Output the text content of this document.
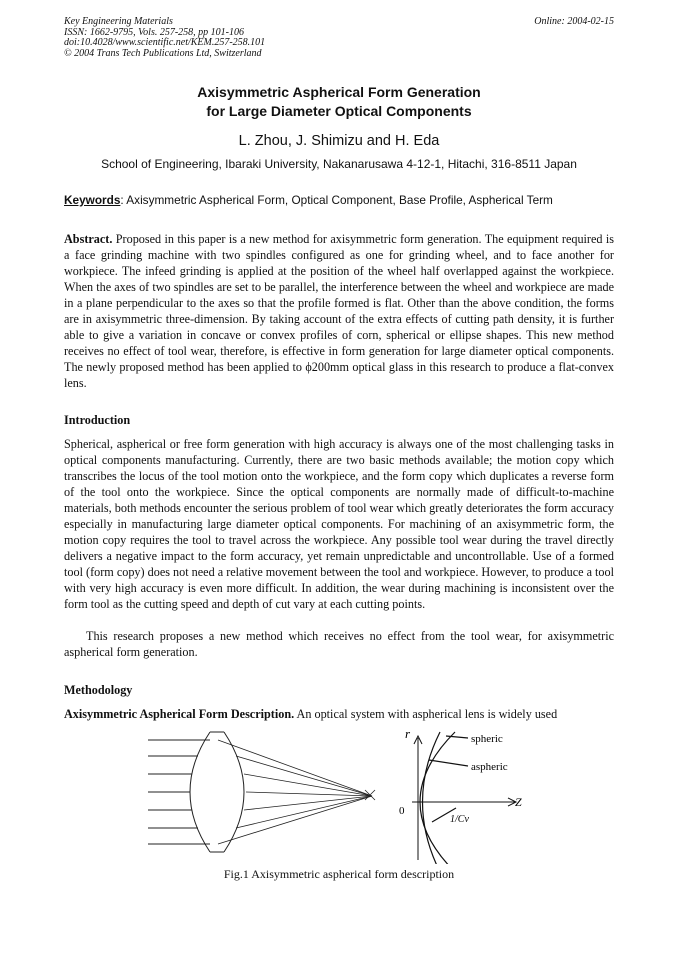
Key Engineering Materials
ISSN: 1662-9795, Vols. 257-258, pp 101-106
doi:10.4028/www.scientific.net/KEM.257-258.101
© 2004 Trans Tech Publications Ltd, Switzerland
Online: 2004-02-15
Axisymmetric Aspherical Form Generation
for Large Diameter Optical Components
L. Zhou, J. Shimizu and H. Eda
School of Engineering, Ibaraki University, Nakanarusawa 4-12-1, Hitachi, 316-8511 Japan
Keywords: Axisymmetric Aspherical Form, Optical Component, Base Profile, Aspherical Term
Abstract. Proposed in this paper is a new method for axisymmetric form generation. The equipment required is a face grinding machine with two spindles configured as one for grinding wheel, and to face another for workpiece. The infeed grinding is applied at the position of the wheel half overlapped against the workpiece. When the axes of two spindles are set to be parallel, the interference between the wheel and workpiece are made in a plane perpendicular to the axes so that the profile formed is flat. Other than the above condition, the forms are in axisymmetric three-dimension. By taking account of the extra effects of cutting path density, it is further able to give a variation in concave or convex profiles of corn, spherical or ellipse shapes. This new method receives no effect of tool wear, therefore, is effective in form generation for large diameter optical components. The newly proposed method has been applied to ϕ200mm optical glass in this research to produce a flat-convex lens.
Introduction
Spherical, aspherical or free form generation with high accuracy is always one of the most challenging tasks in optical components manufacturing. Currently, there are two basic methods available; the motion copy which transcribes the locus of the tool motion onto the workpiece, and the form copy which duplicates a reverse form of the tool onto the workpiece. Since the optical components are normally made of difficult-to-machine materials, both methods encounter the serious problem of tool wear which greatly deteriorates the form accuracy especially in manufacturing large diameter optical components. For machining of an axisymmetric form, the motion copy requires the tool to travel across the workpiece. Any possible tool wear during the travel directly delivers a negative impact to the form accuracy, yet remain unpredictable and uncontrollable. Use of a formed tool (form copy) does not need a relative movement between the tool and workpiece. However, to produce a tool with very high accuracy is even more difficult. In addition, the wear during machining is inconsistent over the form tool as the cutting speed and depth of cut vary at each cutting points.
This research proposes a new method which receives no effect from the tool wear, for axisymmetric aspherical form generation.
Methodology
Axisymmetric Aspherical Form Description. An optical system with aspherical lens is widely used
r	spheric
aspheric
Z
0
1/Cv
Fig.1 Axisymmetric aspherical form description
